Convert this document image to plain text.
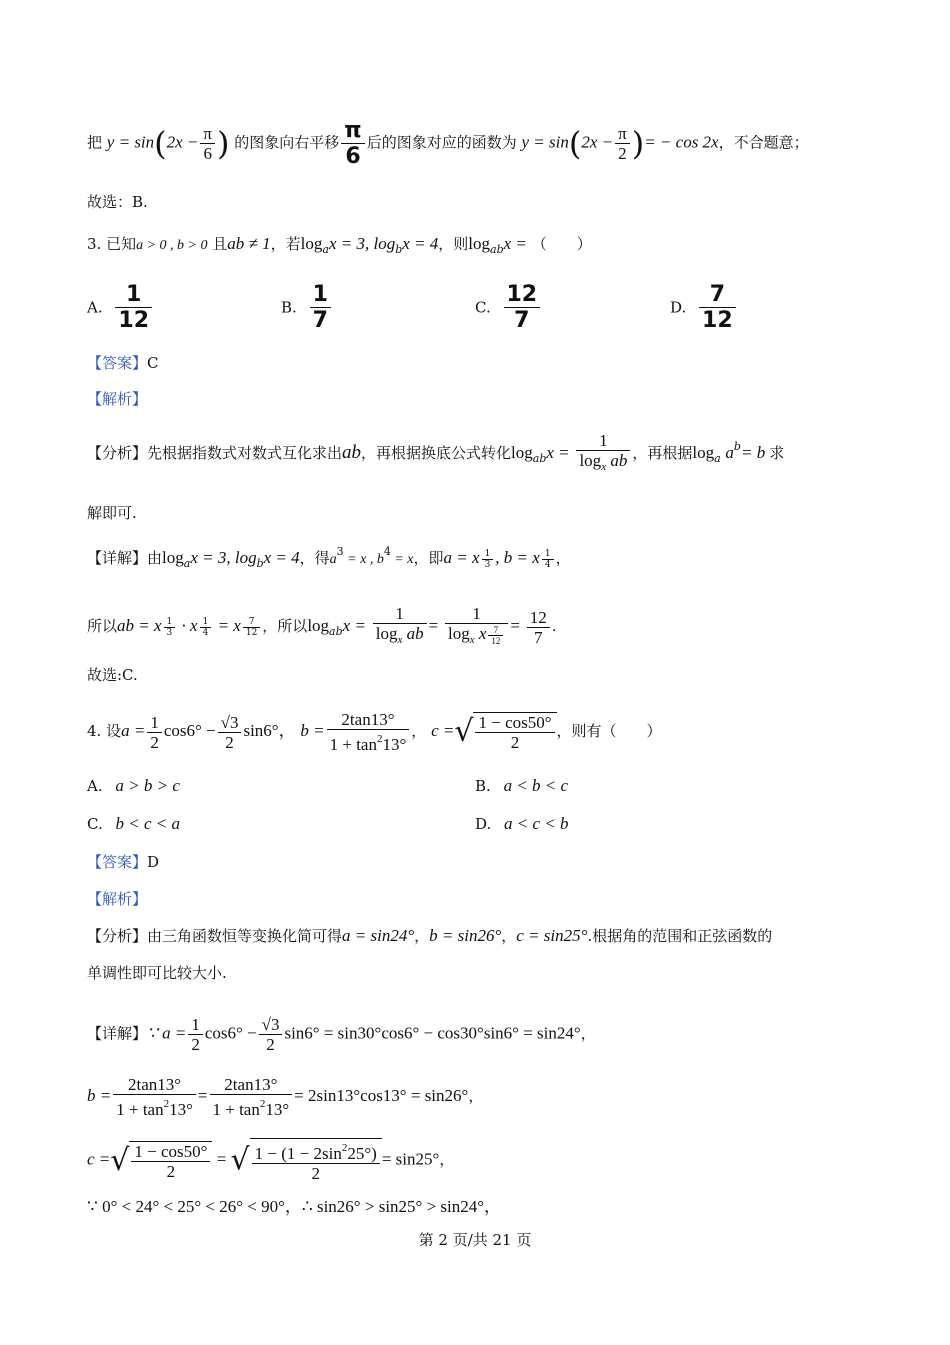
把 $y = \sin(2x - \frac{\pi}{6}$ ) 的图象向右平移 $\frac{\pi}{6}$ 后的图象对应的函数为 $y = \sin(2x - \frac{\pi}{2}$ )= − cos 2x，不合题意；
故选：B.
3. 已知a > 0 , b > 0 且ab ≠ 1，若$\log_ax = 3$, $\log_bx = 4$，则$\log_{ab}x$ = （　　）
A. $\frac{1}{12}$	B. $\frac{1}{7}$	C. $\frac{12}{7}$	D. $\frac{7}{12}$
【答案】C
【解析】
【分析】先根据指数式对数式互化求出ab，再根据换底公式转化$\log_{ab}x = \frac{1}{\log_x ab}$ ，再根据$\log_a a^b= b$ 求
解即可.
【详解】由$\log_ax = 3$, $\log_bx = 4$，得$a^3 = x$ , $b^4 = x$，即a = x $\frac{1}{3}$ , b = x $\frac{1}{4}$ ，
所以ab = x $\frac{1}{3} \cdot x \frac{1}{4} = x \frac{7}{12}$ ，所以$\log_{ab}x = \frac{1}{\log_x ab} = \frac{1}{\log_x x \frac{7}{12}} = \frac{12}{7}$ .
故选:C.
4. 设$a = \frac{1}{2} \cos 6^\circ - \frac{√3}{2} \sin 6^\circ$， $b = \frac{2\tan 13^\circ}{1 + \tan^213^\circ}$ ， c =√ $\frac{1 - \cos 50^\circ}{2}$ ，则有（　　）
A. a > b > c	B. a < b < c
C. b < c < a	D. a < c < b
【答案】D
【解析】
【分析】由三角函数恒等变换化简可得a = sin24°，b = sin26°，c = sin25°.根据角的范围和正弦函数的
单调性即可比较大小.
【详解】∵ $a = \frac{1}{2} \cos 6^\circ - \frac{√3}{2} \sin 6^\circ = \sin 30^\circ\cos 6^\circ - \cos 30^\circ\sin 6^\circ = \sin 24^\circ$，
$b = \frac{2\tan 13^\circ}{1 + \tan^213^\circ} = \frac{2\tan 13^\circ}{1 + \tan^213^\circ} = 2\sin 13^\circ\cos 13^\circ = \sin 26^\circ$，
c =√ $\frac{1 - \cos 50^\circ}{2}$ = √ $\frac{1 - (1 - 2\sin^225^\circ)}{2} = \sin 25^\circ$，
∵ 0° < 24° < 25° < 26° < 90°，∴ sin26° > sin25° > sin24°，
第 2 页/共 21 页
